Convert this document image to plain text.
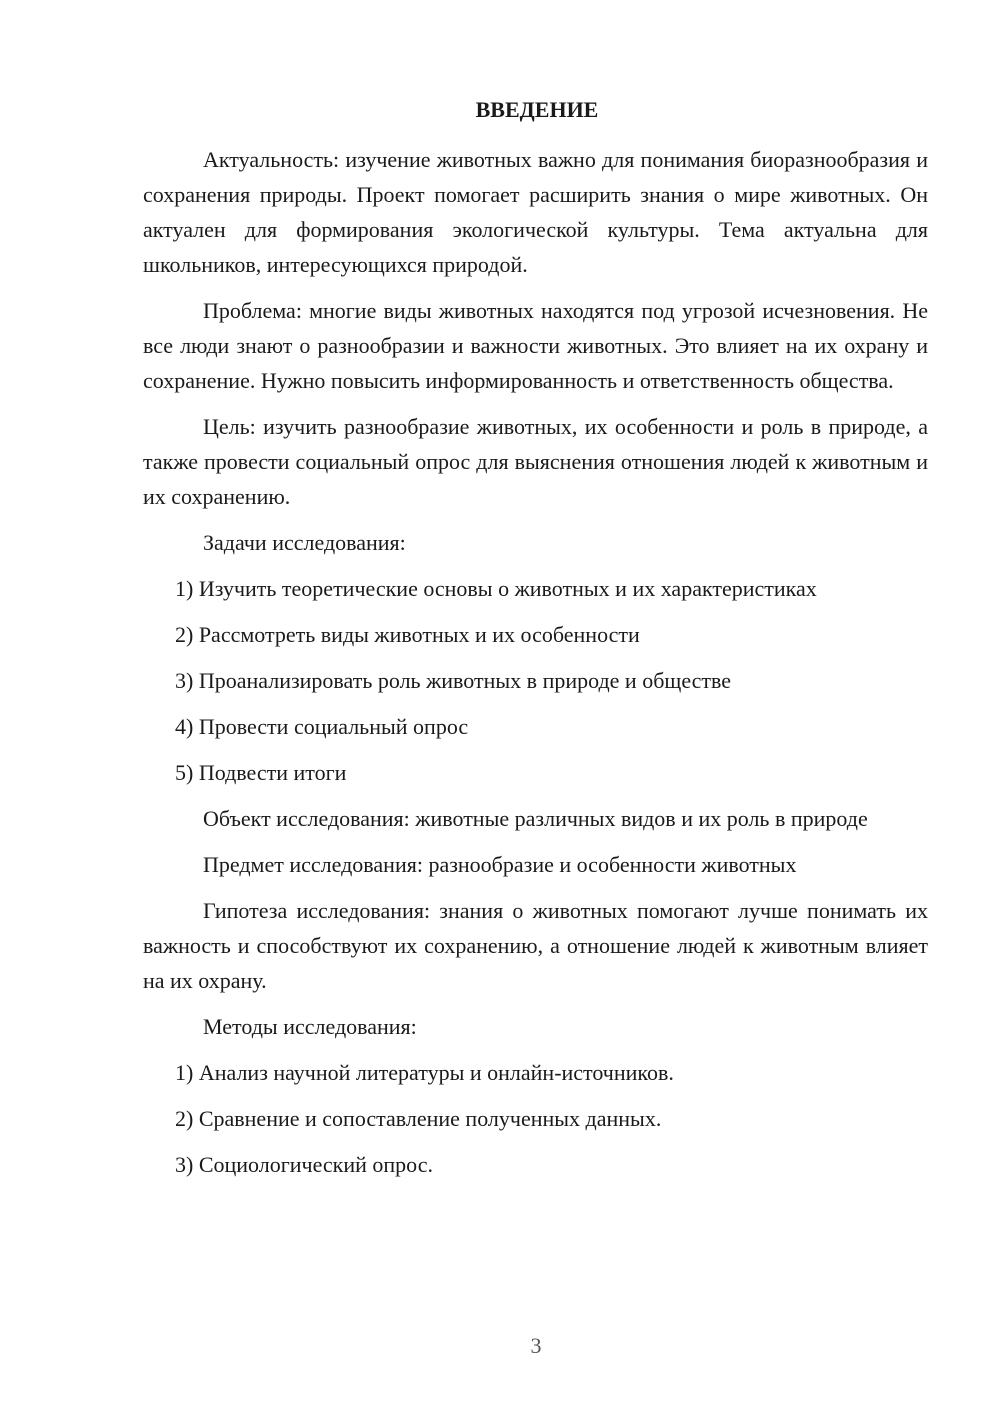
ВВЕДЕНИЕ

Актуальность: изучение животных важно для понимания биоразнообразия и сохранения природы. Проект помогает расширить знания о мире животных. Он актуален для формирования экологической культуры. Тема актуальна для школьников, интересующихся природой.

Проблема: многие виды животных находятся под угрозой исчезновения. Не все люди знают о разнообразии и важности животных. Это влияет на их охрану и сохранение. Нужно повысить информированность и ответственность общества.

Цель: изучить разнообразие животных, их особенности и роль в природе, а также провести социальный опрос для выяснения отношения людей к животным и их сохранению.

Задачи исследования:

1) Изучить теоретические основы о животных и их характеристиках
2) Рассмотреть виды животных и их особенности
3) Проанализировать роль животных в природе и обществе
4) Провести социальный опрос
5) Подвести итоги

Объект исследования: животные различных видов и их роль в природе

Предмет исследования: разнообразие и особенности животных

Гипотеза исследования: знания о животных помогают лучше понимать их важность и способствуют их сохранению, а отношение людей к животным влияет на их охрану.

Методы исследования:

1) Анализ научной литературы и онлайн-источников.
2) Сравнение и сопоставление полученных данных.
3) Социологический опрос.
3
